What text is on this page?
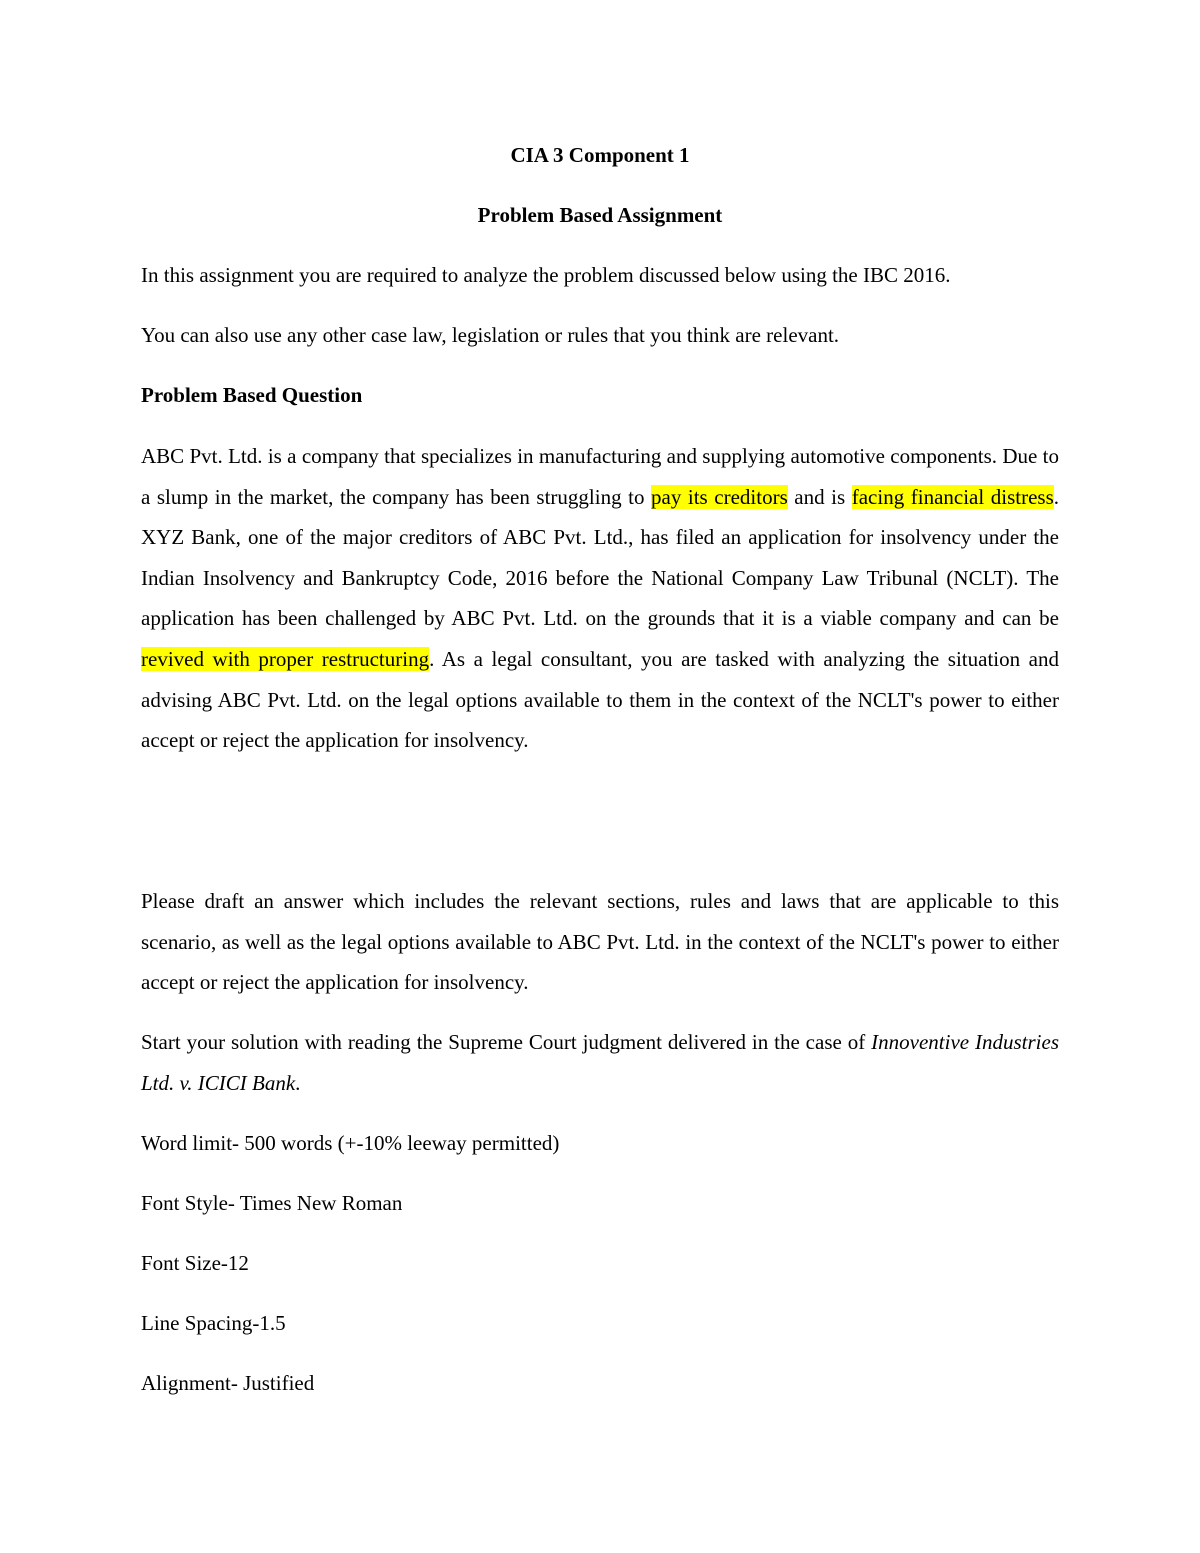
CIA 3 Component 1

Problem Based Assignment

In this assignment you are required to analyze the problem discussed below using the IBC 2016.

You can also use any other case law, legislation or rules that you think are relevant.

Problem Based Question

ABC Pvt. Ltd. is a company that specializes in manufacturing and supplying automotive components. Due to a slump in the market, the company has been struggling to pay its creditors and is facing financial distress. XYZ Bank, one of the major creditors of ABC Pvt. Ltd., has filed an application for insolvency under the Indian Insolvency and Bankruptcy Code, 2016 before the National Company Law Tribunal (NCLT). The application has been challenged by ABC Pvt. Ltd. on the grounds that it is a viable company and can be revived with proper restructuring. As a legal consultant, you are tasked with analyzing the situation and advising ABC Pvt. Ltd. on the legal options available to them in the context of the NCLT's power to either accept or reject the application for insolvency.

Please draft an answer which includes the relevant sections, rules and laws that are applicable to this scenario, as well as the legal options available to ABC Pvt. Ltd. in the context of the NCLT's power to either accept or reject the application for insolvency.

Start your solution with reading the Supreme Court judgment delivered in the case of Innoventive Industries Ltd. v. ICICI Bank.

Word limit- 500 words (+-10% leeway permitted)

Font Style- Times New Roman

Font Size-12

Line Spacing-1.5

Alignment- Justified
